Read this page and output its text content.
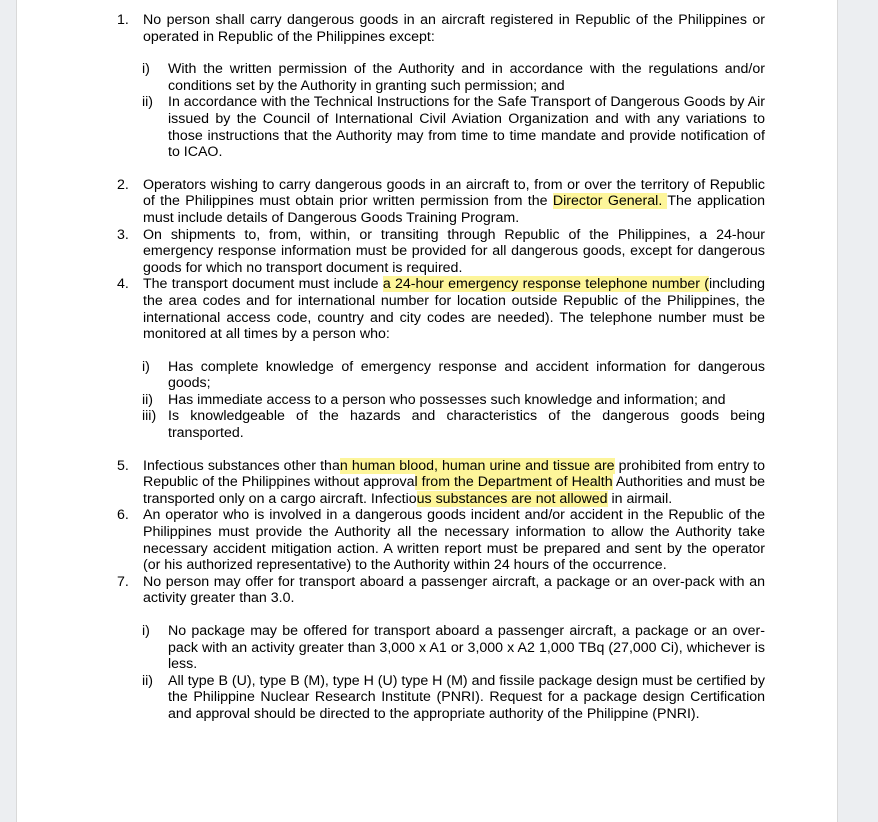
1. No person shall carry dangerous goods in an aircraft registered in Republic of the Philippines or operated in Republic of the Philippines except:
i) With the written permission of the Authority and in accordance with the regulations and/or conditions set by the Authority in granting such permission; and
ii) In accordance with the Technical Instructions for the Safe Transport of Dangerous Goods by Air issued by the Council of International Civil Aviation Organization and with any variations to those instructions that the Authority may from time to time mandate and provide notification of to ICAO.
2. Operators wishing to carry dangerous goods in an aircraft to, from or over the territory of Republic of the Philippines must obtain prior written permission from the Director General. The application must include details of Dangerous Goods Training Program.
3. On shipments to, from, within, or transiting through Republic of the Philippines, a 24-hour emergency response information must be provided for all dangerous goods, except for dangerous goods for which no transport document is required.
4. The transport document must include a 24-hour emergency response telephone number (including the area codes and for international number for location outside Republic of the Philippines, the international access code, country and city codes are needed). The telephone number must be monitored at all times by a person who:
i) Has complete knowledge of emergency response and accident information for dangerous goods;
ii) Has immediate access to a person who possesses such knowledge and information; and
iii) Is knowledgeable of the hazards and characteristics of the dangerous goods being transported.
5. Infectious substances other than human blood, human urine and tissue are prohibited from entry to Republic of the Philippines without approval from the Department of Health Authorities and must be transported only on a cargo aircraft. Infectious substances are not allowed in airmail.
6. An operator who is involved in a dangerous goods incident and/or accident in the Republic of the Philippines must provide the Authority all the necessary information to allow the Authority take necessary accident mitigation action. A written report must be prepared and sent by the operator (or his authorized representative) to the Authority within 24 hours of the occurrence.
7. No person may offer for transport aboard a passenger aircraft, a package or an over-pack with an activity greater than 3.0.
i) No package may be offered for transport aboard a passenger aircraft, a package or an over-pack with an activity greater than 3,000 x A1 or 3,000 x A2 1,000 TBq (27,000 Ci), whichever is less.
ii) All type B (U), type B (M), type H (U) type H (M) and fissile package design must be certified by the Philippine Nuclear Research Institute (PNRI). Request for a package design Certification and approval should be directed to the appropriate authority of the Philippine (PNRI).
